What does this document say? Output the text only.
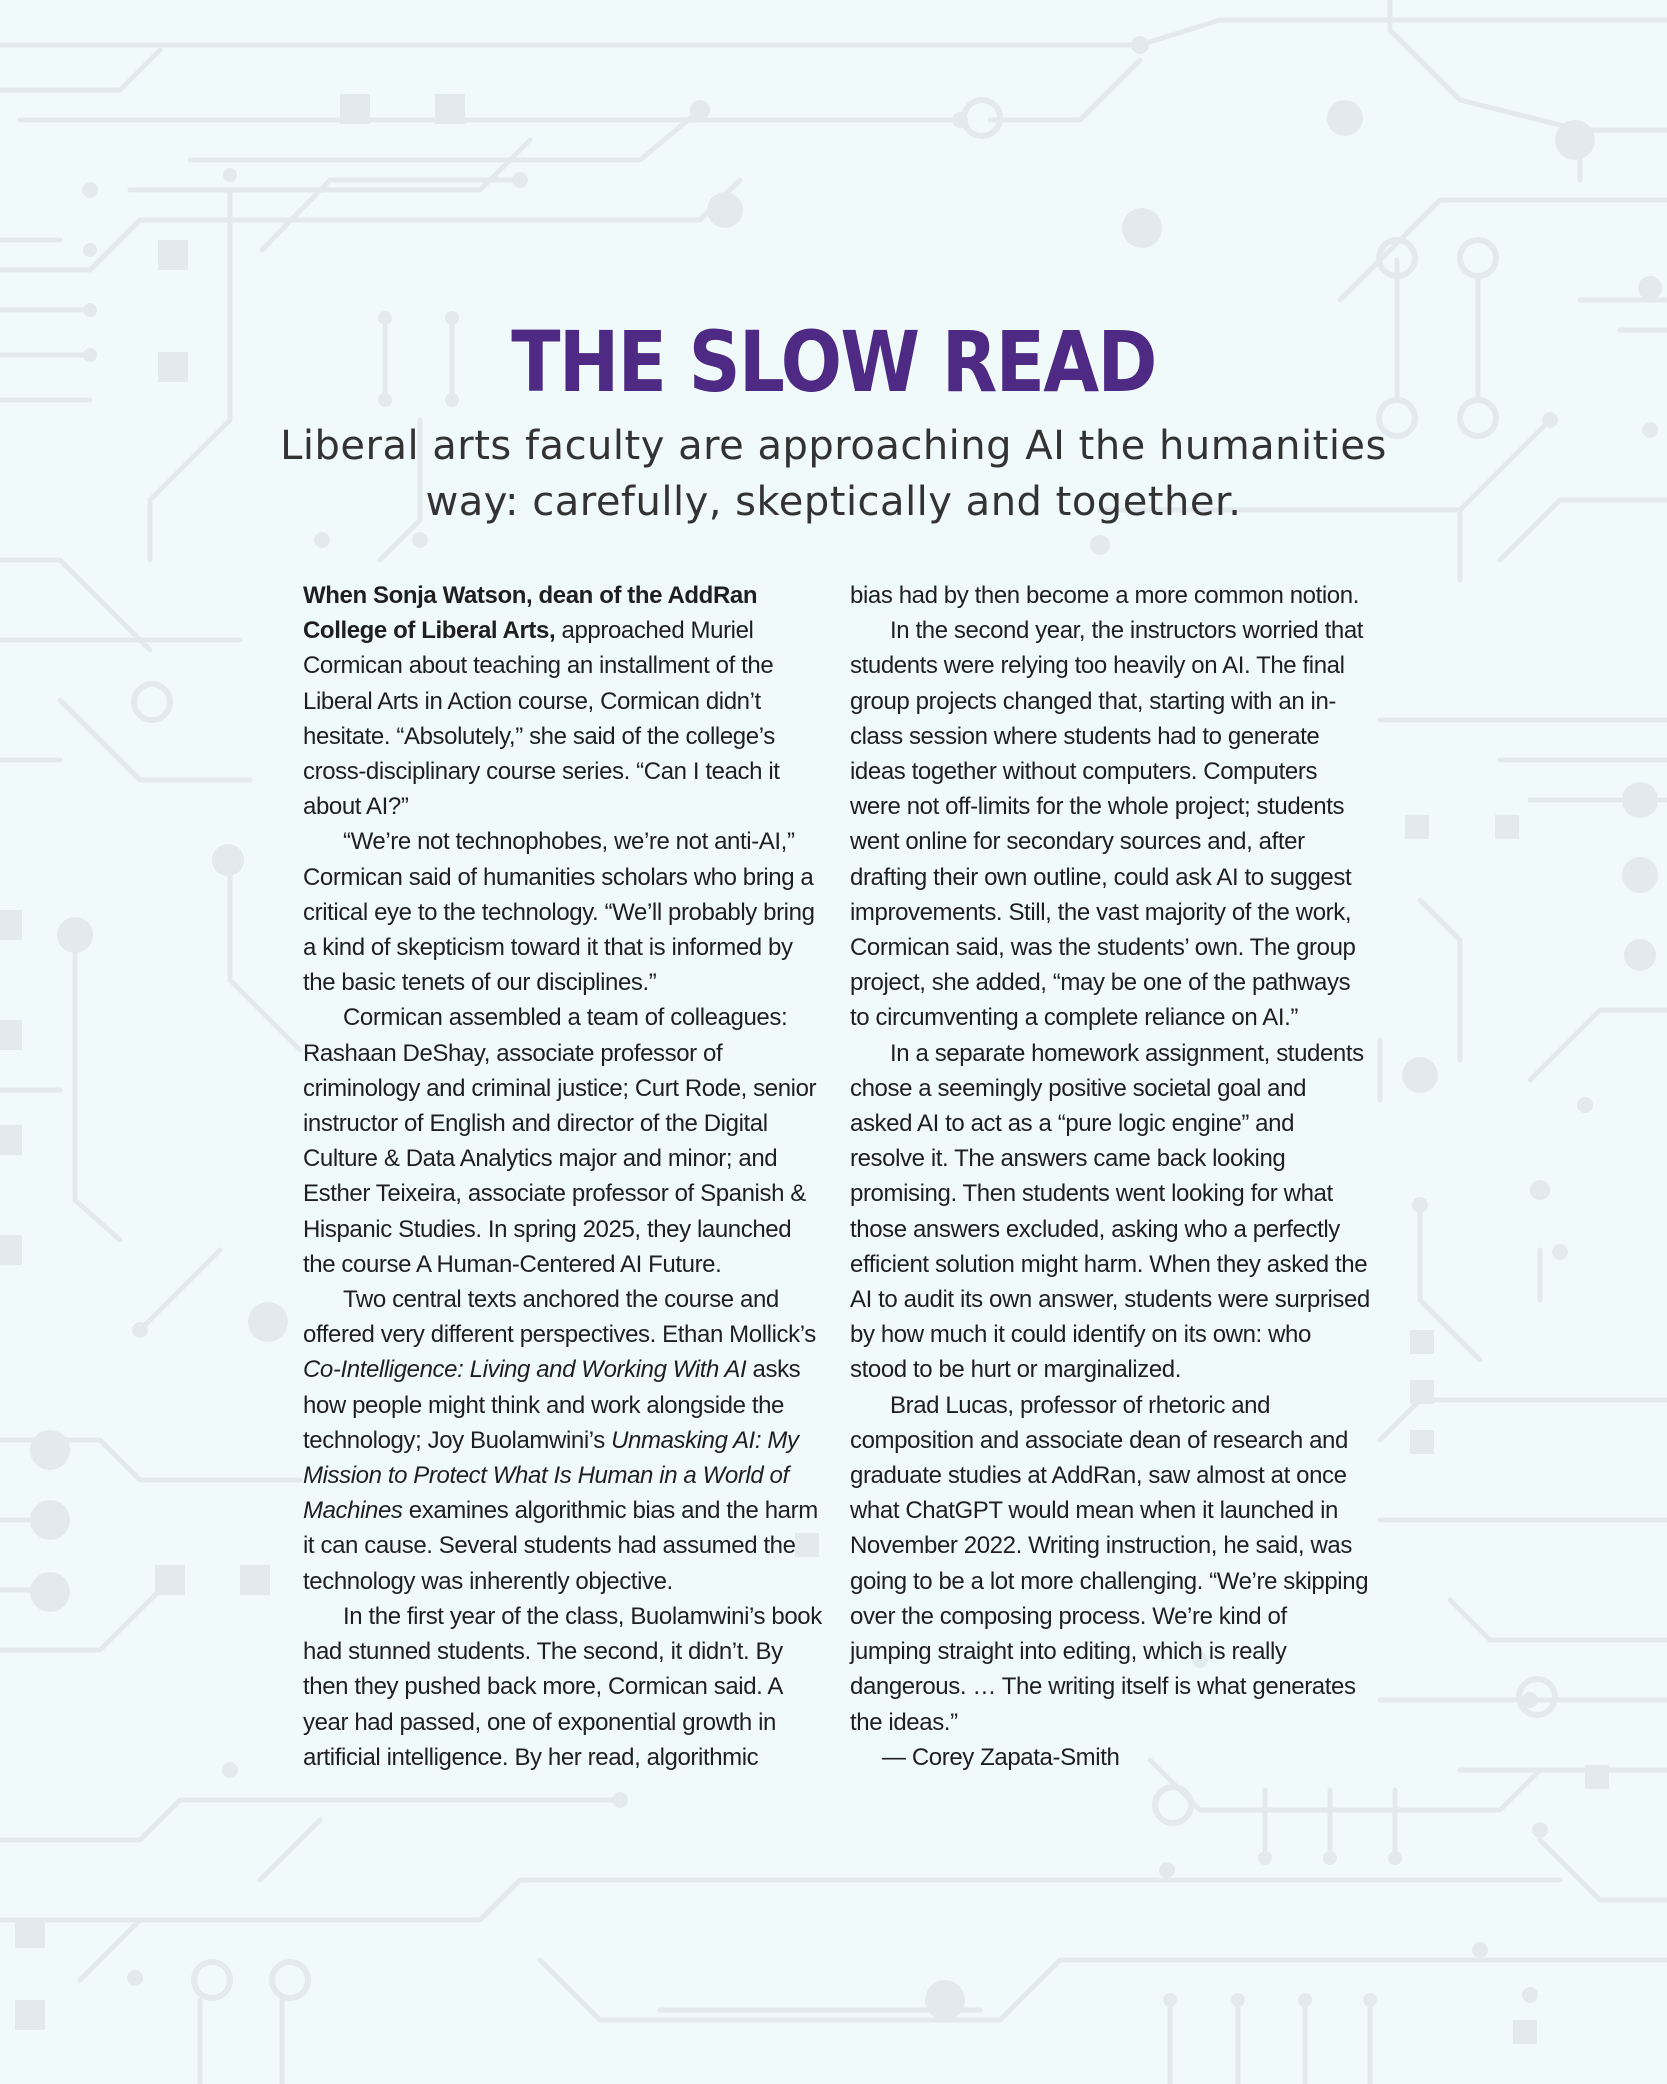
THE SLOW READ
Liberal arts faculty are approaching AI the humanities way: carefully, skeptically and together.

When Sonja Watson, dean of the AddRan College of Liberal Arts, approached Muriel Cormican about teaching an installment of the Liberal Arts in Action course, Cormican didn’t hesitate. “Absolutely,” she said of the college’s cross-disciplinary course series. “Can I teach it about AI?”

“We’re not technophobes, we’re not anti-AI,” Cormican said of humanities scholars who bring a critical eye to the technology. “We’ll probably bring a kind of skepticism toward it that is informed by the basic tenets of our disciplines.”

Cormican assembled a team of colleagues: Rashaan DeShay, associate professor of criminology and criminal justice; Curt Rode, senior instructor of English and director of the Digital Culture & Data Analytics major and minor; and Esther Teixeira, associate professor of Spanish & Hispanic Studies. In spring 2025, they launched the course A Human-Centered AI Future.

Two central texts anchored the course and offered very different perspectives. Ethan Mollick’s Co-Intelligence: Living and Working With AI asks how people might think and work alongside the technology; Joy Buolamwini’s Unmasking AI: My Mission to Protect What Is Human in a World of Machines examines algorithmic bias and the harm it can cause. Several students had assumed the technology was inherently objective.

In the first year of the class, Buolamwini’s book had stunned students. The second, it didn’t. By then they pushed back more, Cormican said. A year had passed, one of exponential growth in artificial intelligence. By her read, algorithmic

bias had by then become a more common notion.

In the second year, the instructors worried that students were relying too heavily on AI. The final group projects changed that, starting with an in-class session where students had to generate ideas together without computers. Computers were not off-limits for the whole project; students went online for secondary sources and, after drafting their own outline, could ask AI to suggest improvements. Still, the vast majority of the work, Cormican said, was the students’ own. The group project, she added, “may be one of the pathways to circumventing a complete reliance on AI.”

In a separate homework assignment, students chose a seemingly positive societal goal and asked AI to act as a “pure logic engine” and resolve it. The answers came back looking promising. Then students went looking for what those answers excluded, asking who a perfectly efficient solution might harm. When they asked the AI to audit its own answer, students were surprised by how much it could identify on its own: who stood to be hurt or marginalized.

Brad Lucas, professor of rhetoric and composition and associate dean of research and graduate studies at AddRan, saw almost at once what ChatGPT would mean when it launched in November 2022. Writing instruction, he said, was going to be a lot more challenging. “We’re skipping over the composing process. We’re kind of jumping straight into editing, which is really dangerous. … The writing itself is what generates the ideas.”

— Corey Zapata-Smith
